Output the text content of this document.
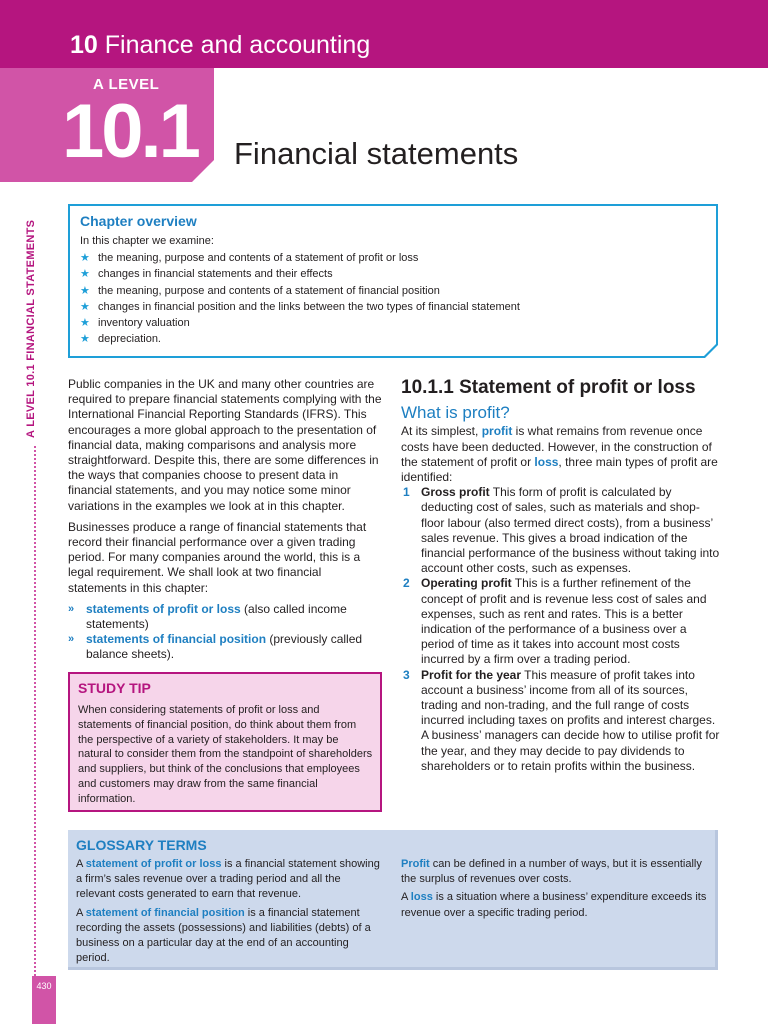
10 Finance and accounting
A LEVEL
10.1 Financial statements
A LEVEL 10.1 FINANCIAL STATEMENTS
430
Chapter overview
In this chapter we examine:
★ the meaning, purpose and contents of a statement of profit or loss
★ changes in financial statements and their effects
★ the meaning, purpose and contents of a statement of financial position
★ changes in financial position and the links between the two types of financial statement
★ inventory valuation
★ depreciation.

Public companies in the UK and many other countries are required to prepare financial statements complying with the International Financial Reporting Standards (IFRS). This encourages a more global approach to the presentation of financial data, making comparisons and analysis more straightforward. Despite this, there are some differences in the ways that companies choose to present data in financial statements, and you may notice some minor variations in the examples we look at in this chapter.

Businesses produce a range of financial statements that record their financial performance over a given trading period. For many companies around the world, this is a legal requirement. We shall look at two financial statements in this chapter:

» statements of profit or loss (also called income statements)
» statements of financial position (previously called balance sheets).
STUDY TIP

When considering statements of profit or loss and statements of financial position, do think about them from the perspective of a variety of stakeholders. It may be natural to consider them from the standpoint of shareholders and suppliers, but think of the conclusions that employees and customers may draw from the same financial information.

10.1.1 Statement of profit or loss
What is profit?

At its simplest, profit is what remains from revenue once costs have been deducted. However, in the construction of the statement of profit or loss, three main types of profit are identified:

1 Gross profit This form of profit is calculated by deducting cost of sales, such as materials and shop-floor labour (also termed direct costs), from a business’ sales revenue. This gives a broad indication of the financial performance of the business without taking into account other costs, such as expenses.
2 Operating profit This is a further refinement of the concept of profit and is revenue less cost of sales and expenses, such as rent and rates. This is a better indication of the performance of a business over a period of time as it takes into account most costs incurred by a firm over a trading period.
3 Profit for the year This measure of profit takes into account a business’ income from all of its sources, trading and non-trading, and the full range of costs incurred including taxes on profits and interest charges. A business’ managers can decide how to utilise profit for the year, and they may decide to pay dividends to shareholders or to retain profits within the business.
GLOSSARY TERMS

A statement of profit or loss is a financial statement showing a firm’s sales revenue over a trading period and all the relevant costs generated to earn that revenue.

A statement of financial position is a financial statement recording the assets (possessions) and liabilities (debts) of a business on a particular day at the end of an accounting period.

Profit can be defined in a number of ways, but it is essentially the surplus of revenues over costs.

A loss is a situation where a business’ expenditure exceeds its revenue over a specific trading period.
